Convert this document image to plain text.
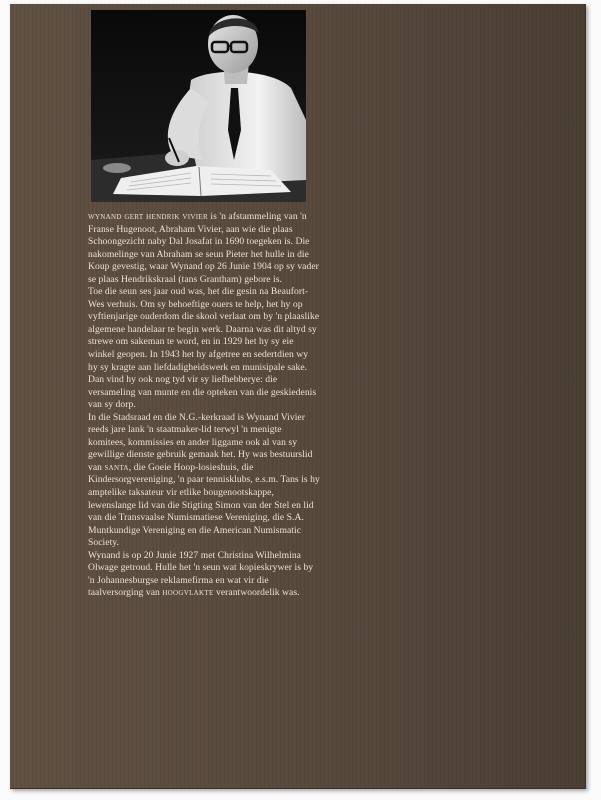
wynand gert hendrik vivier is 'n afstammeling van 'n Franse Hugenoot, Abraham Vivier, aan wie die plaas Schoongezicht naby Dal Josafat in 1690 toegeken is. Die nakomelinge van Abraham se seun Pieter het hulle in die Koup gevestig, waar Wynand op 26 Junie 1904 op sy vader se plaas Hendrikskraal (tans Grantham) gebore is.

Toe die seun ses jaar oud was, het die gesin na Beaufort-Wes verhuis. Om sy behoeftige ouers te help, het hy op vyftienjarige ouderdom die skool verlaat om by 'n plaaslike algemene handelaar te begin werk. Daarna was dit altyd sy strewe om sakeman te word, en in 1929 het hy sy eie winkel geopen. In 1943 het hy afgetree en sedertdien wy hy sy kragte aan liefdadigheidswerk en munisipale sake. Dan vind hy ook nog tyd vir sy liefhebberye: die versameling van munte en die opteken van die geskiedenis van sy dorp.

In die Stadsraad en die N.G.-kerkraad is Wynand Vivier reeds jare lank 'n staatmaker-lid terwyl 'n menigte komitees, kommissies en ander liggame ook al van sy gewillige dienste gebruik gemaak het. Hy was bestuurslid van santa, die Goeie Hoop-losieshuis, die Kindersorgvereniging, 'n paar tennisklubs, e.s.m. Tans is hy amptelike taksateur vir etlike bougenootskappe, lewenslange lid van die Stigting Simon van der Stel en lid van die Transvaalse Numismatiese Vereniging, die S.A. Muntkundige Vereniging en die American Numismatic Society.

Wynand is op 20 Junie 1927 met Christina Wilhelmina Olwage getroud. Hulle het 'n seun wat kopieskrywer is by 'n Johannesburgse reklamefirma en wat vir die taalversorging van hoogvlakte verantwoordelik was.
